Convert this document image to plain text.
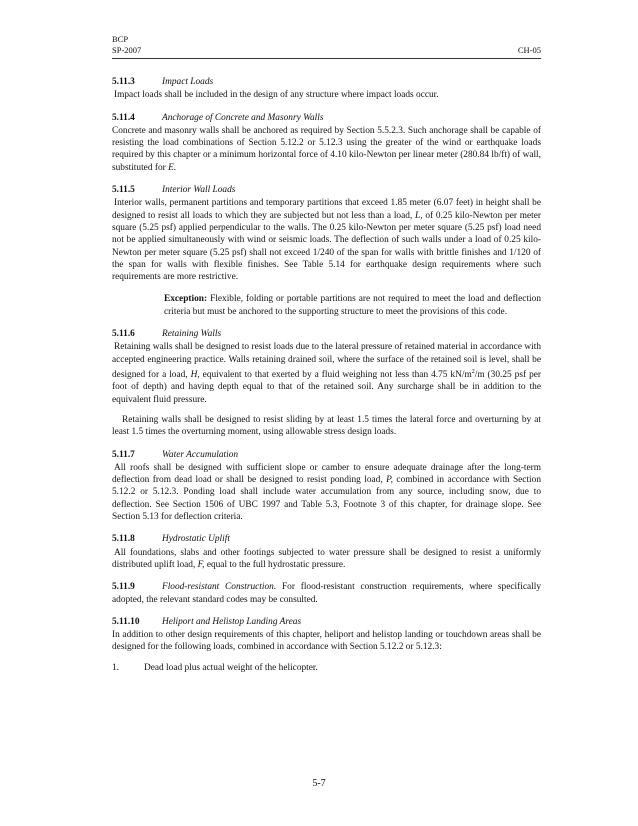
BCP
SP-2007	CH-05
5.11.3	Impact Loads

Impact loads shall be included in the design of any structure where impact loads occur.

5.11.4	Anchorage of Concrete and Masonry Walls

Concrete and masonry walls shall be anchored as required by Section 5.5.2.3. Such anchorage shall be capable of resisting the load combinations of Section 5.12.2 or 5.12.3 using the greater of the wind or earthquake loads required by this chapter or a minimum horizontal force of 4.10 kilo-Newton per linear meter (280.84 lb/ft) of wall, substituted for E.

5.11.5	Interior Wall Loads

Interior walls, permanent partitions and temporary partitions that exceed 1.85 meter (6.07 feet) in height shall be designed to resist all loads to which they are subjected but not less than a load, L, of 0.25 kilo-Newton per meter square (5.25 psf) applied perpendicular to the walls. The 0.25 kilo-Newton per meter square (5.25 psf) load need not be applied simultaneously with wind or seismic loads. The deflection of such walls under a load of 0.25 kilo-Newton per meter square (5.25 psf) shall not exceed 1/240 of the span for walls with brittle finishes and 1/120 of the span for walls with flexible finishes. See Table 5.14 for earthquake design requirements where such requirements are more restrictive.

Exception: Flexible, folding or portable partitions are not required to meet the load and deflection criteria but must be anchored to the supporting structure to meet the provisions of this code.

5.11.6	Retaining Walls

Retaining walls shall be designed to resist loads due to the lateral pressure of retained material in accordance with accepted engineering practice. Walls retaining drained soil, where the surface of the retained soil is level, shall be designed for a load, H, equivalent to that exerted by a fluid weighing not less than 4.75 $kN/m^2/m$ (30.25 psf per foot of depth) and having depth equal to that of the retained soil. Any surcharge shall be in addition to the equivalent fluid pressure.

Retaining walls shall be designed to resist sliding by at least 1.5 times the lateral force and overturning by at least 1.5 times the overturning moment, using allowable stress design loads.

5.11.7	Water Accumulation

All roofs shall be designed with sufficient slope or camber to ensure adequate drainage after the long-term deflection from dead load or shall be designed to resist ponding load, P, combined in accordance with Section 5.12.2 or 5.12.3. Ponding load shall include water accumulation from any source, including snow, due to deflection. See Section 1506 of UBC 1997 and Table 5.3, Footnote 3 of this chapter, for drainage slope. See Section 5.13 for deflection criteria.

5.11.8	Hydrostatic Uplift

All foundations, slabs and other footings subjected to water pressure shall be designed to resist a uniformly distributed uplift load, F, equal to the full hydrostatic pressure.

5.11.9	Flood-resistant Construction. For flood-resistant construction requirements, where specifically adopted, the relevant standard codes may be consulted.

5.11.10 Heliport and Helistop Landing Areas

In addition to other design requirements of this chapter, heliport and helistop landing or touchdown areas shall be designed for the following loads, combined in accordance with Section 5.12.2 or 5.12.3:

1.	Dead load plus actual weight of the helicopter.
5-7
